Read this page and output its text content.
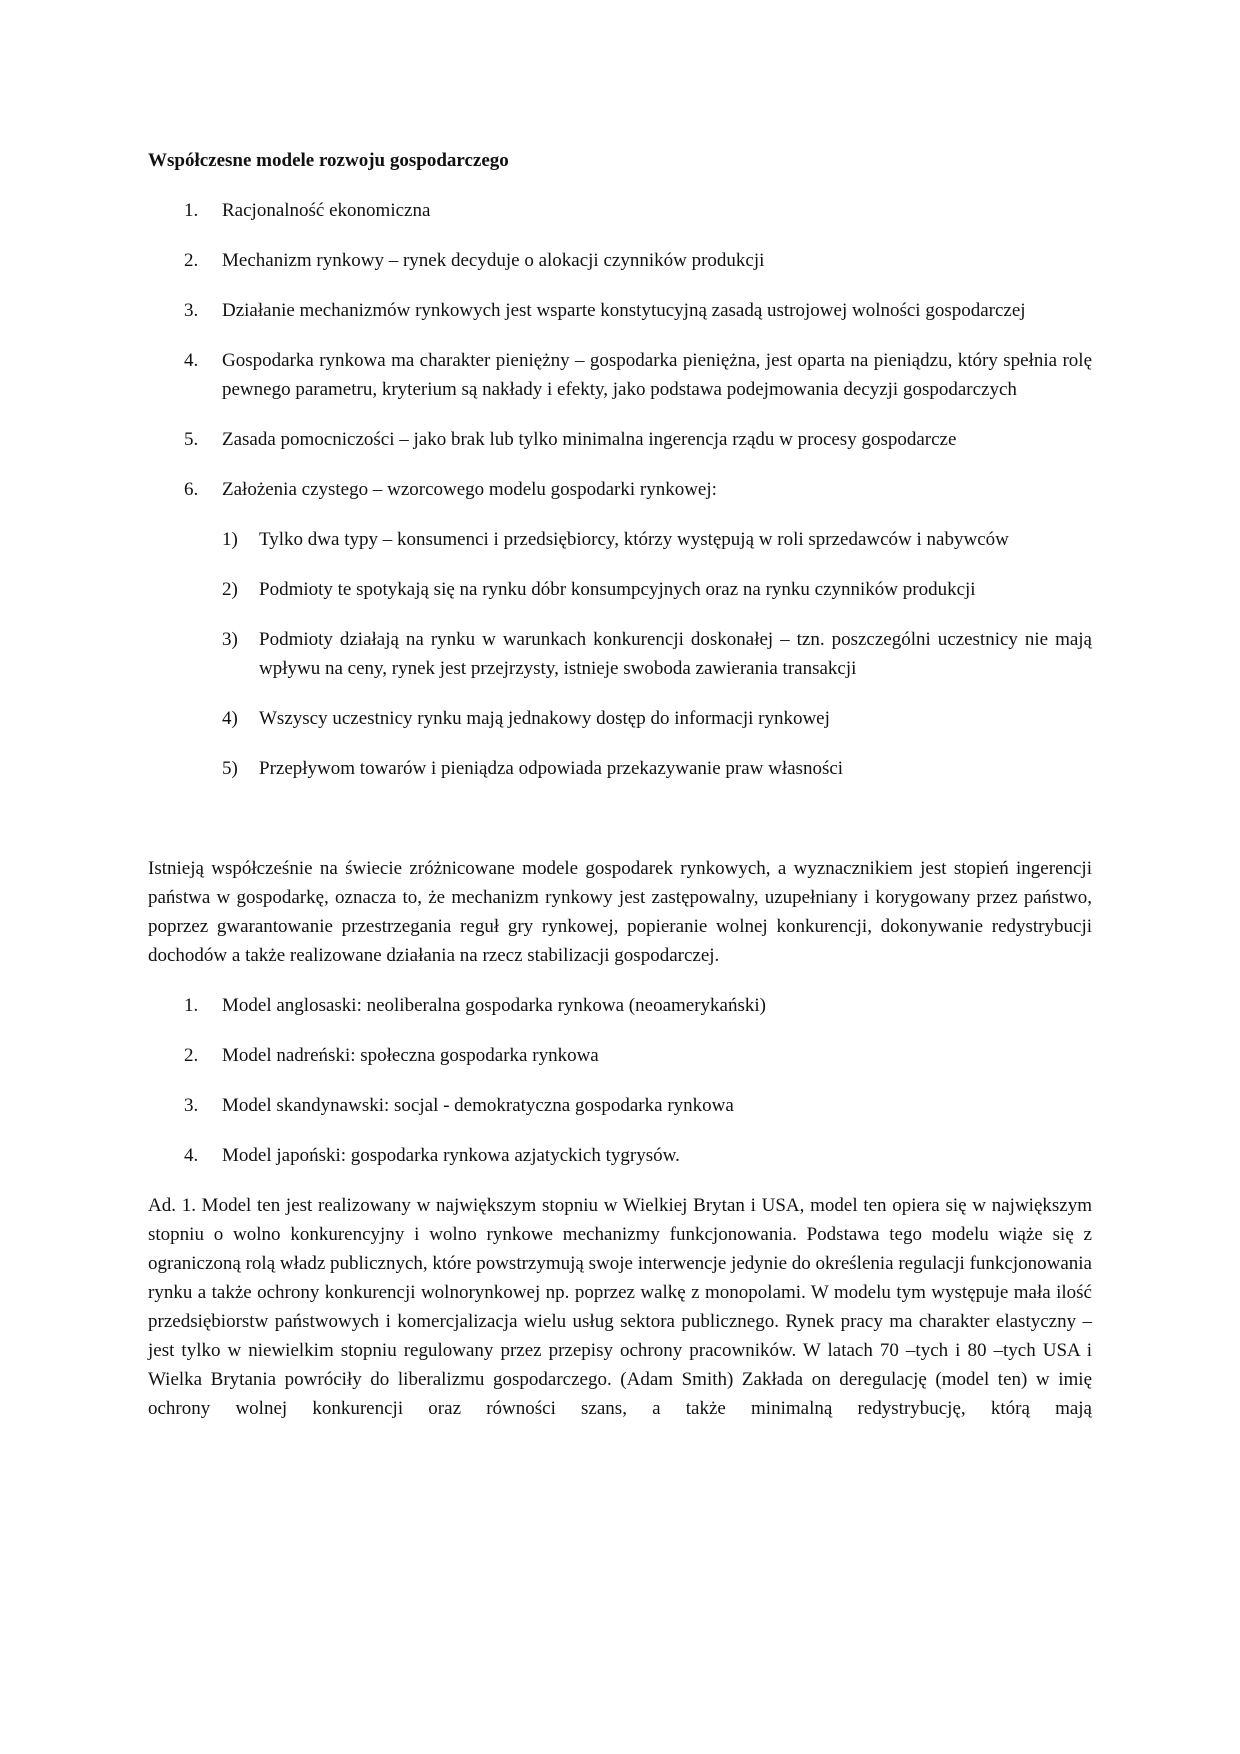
Współczesne modele rozwoju gospodarczego
1. Racjonalność ekonomiczna
2. Mechanizm rynkowy – rynek decyduje o alokacji czynników produkcji
3. Działanie mechanizmów rynkowych jest wsparte konstytucyjną zasadą ustrojowej wolności gospodarczej
4. Gospodarka rynkowa ma charakter pieniężny – gospodarka pieniężna, jest oparta na pieniądzu, który spełnia rolę pewnego parametru, kryterium są nakłady i efekty, jako podstawa podejmowania decyzji gospodarczych
5. Zasada pomocniczości – jako brak lub tylko minimalna ingerencja rządu w procesy gospodarcze
6. Założenia czystego – wzorcowego modelu gospodarki rynkowej:
1) Tylko dwa typy – konsumenci i przedsiębiorcy, którzy występują w roli sprzedawców i nabywców
2) Podmioty te spotykają się na rynku dóbr konsumpcyjnych oraz na rynku czynników produkcji
3) Podmioty działają na rynku w warunkach konkurencji doskonałej – tzn. poszczególni uczestnicy nie mają wpływu na ceny, rynek jest przejrzysty, istnieje swoboda zawierania transakcji
4) Wszyscy uczestnicy rynku mają jednakowy dostęp do informacji rynkowej
5) Przepływom towarów i pieniądza odpowiada przekazywanie praw własności

Istnieją współcześnie na świecie zróżnicowane modele gospodarek rynkowych, a wyznacznikiem jest stopień ingerencji państwa w gospodarkę, oznacza to, że mechanizm rynkowy jest zastępowalny, uzupełniany i korygowany przez państwo, poprzez gwarantowanie przestrzegania reguł gry rynkowej, popieranie wolnej konkurencji, dokonywanie redystrybucji dochodów a także realizowane działania na rzecz stabilizacji gospodarczej.

1. Model anglosaski: neoliberalna gospodarka rynkowa (neoamerykański)
2. Model nadreński: społeczna gospodarka rynkowa
3. Model skandynawski: socjal - demokratyczna gospodarka rynkowa
4. Model japoński: gospodarka rynkowa azjatyckich tygrysów.

Ad. 1. Model ten jest realizowany w największym stopniu w Wielkiej Brytan i USA, model ten opiera się w największym stopniu o wolno konkurencyjny i wolno rynkowe mechanizmy funkcjonowania. Podstawa tego modelu wiąże się z ograniczoną rolą władz publicznych, które powstrzymują swoje interwencje jedynie do określenia regulacji funkcjonowania rynku a także ochrony konkurencji wolnorynkowej np. poprzez walkę z monopolami. W modelu tym występuje mała ilość przedsiębiorstw państwowych i komercjalizacja wielu usług sektora publicznego. Rynek pracy ma charakter elastyczny – jest tylko w niewielkim stopniu regulowany przez przepisy ochrony pracowników. W latach 70 –tych i 80 –tych USA i Wielka Brytania powróciły do liberalizmu gospodarczego. (Adam Smith) Zakłada on deregulację (model ten) w imię ochrony wolnej konkurencji oraz równości szans, a także minimalną redystrybucję, którą mają
